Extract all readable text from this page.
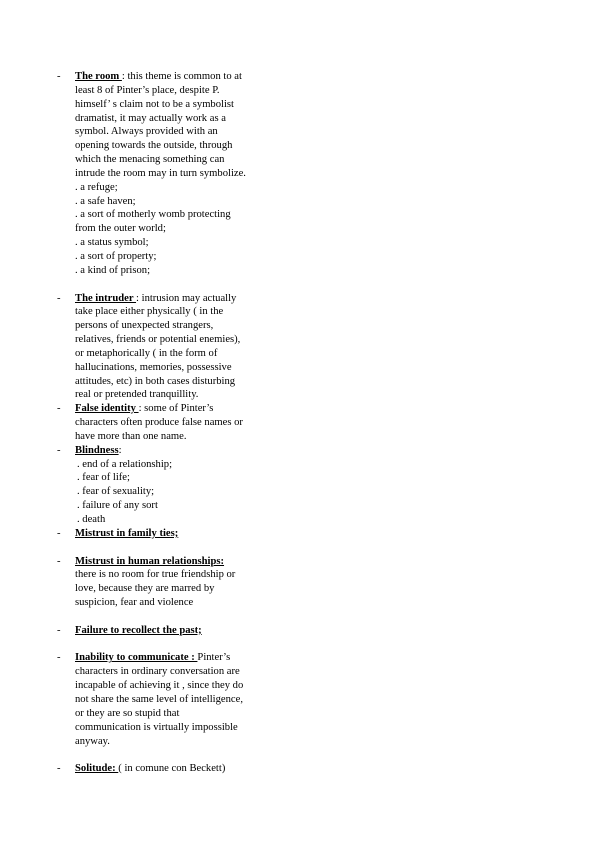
- The room : this theme is common to at
least 8 of Pinter’s place, despite P.
himself’ s claim not to be a symbolist
dramatist, it may actually work as a
symbol. Always provided with an
opening towards the outside, through
which the menacing something can
intrude the room may in turn symbolize.
. a refuge;
. a safe haven;
. a sort of motherly womb protecting
from the outer world;
. a status symbol;
. a sort of property;
. a kind of prison;
- The intruder : intrusion may actually
take place either physically ( in the
persons of unexpected strangers,
relatives, friends or potential enemies),
or metaphorically ( in the form of
hallucinations, memories, possessive
attitudes, etc) in both cases disturbing
real or pretended tranquillity.
- False identity : some of Pinter’s
characters often produce false names or
have more than one name.
- Blindness:
. end of a relationship;
. fear of life;
. fear of sexuality;
. failure of any sort
. death
- Mistrust in family ties;
- Mistrust in human relationships:
there is no room for true friendship or
love, because they are marred by
suspicion, fear and violence
- Failure to recollect the past;
- Inability to communicate : Pinter’s
characters in ordinary conversation are
incapable of achieving it , since they do
not share the same level of intelligence,
or they are so stupid that
communication is virtually impossible
anyway.
- Solitude: ( in comune con Beckett)
